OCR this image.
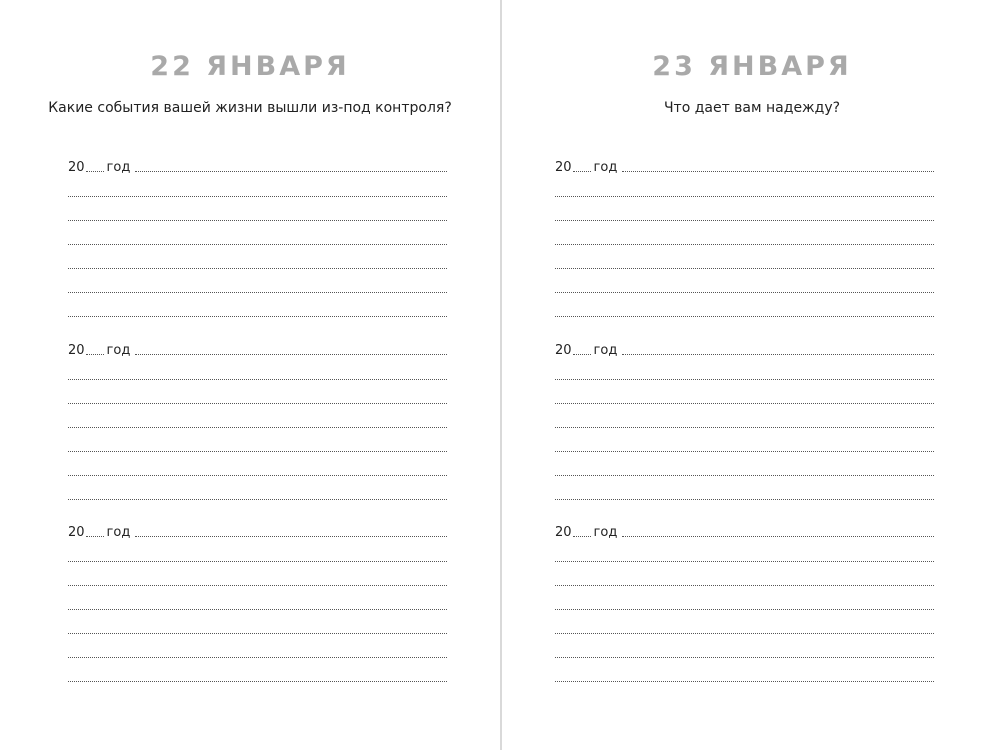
22 ЯНВАРЯ
Какие события вашей жизни вышли из-под контроля?
20 год
20 год
20 год
23 ЯНВАРЯ
Что дает вам надежду?
20 год
20 год
20 год
